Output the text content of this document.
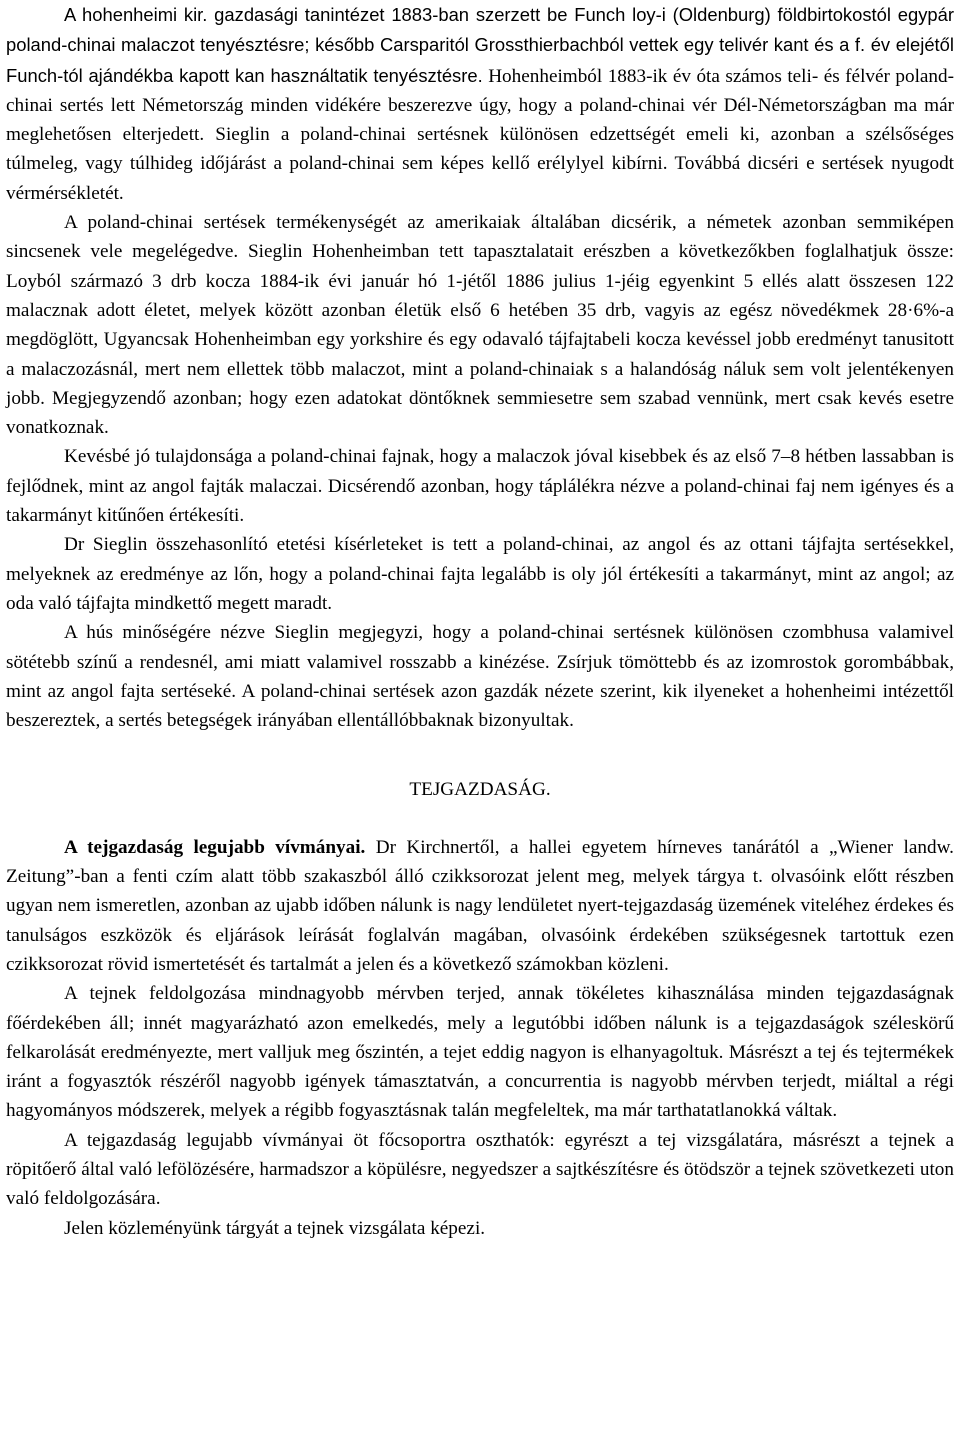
A hohenheimi kir. gazdasági tanintézet 1883-ban szerzett be Funch loy-i (Oldenburg) földbirtokostól egypár poland-chinai malaczot tenyésztésre; később Carsparitól Grossthierbachból vettek egy telivér kant és a f. év elejétől Funch-tól ajándékba kapott kan használtatik tenyésztésre. Hohenheimból 1883-ik év óta számos teli- és félvér poland-chinai sertés lett Németország minden vidékére beszerezve úgy, hogy a poland-chinai vér Dél-Németországban ma már meglehetősen elterjedett. Sieglin a poland-chinai sertésnek különösen edzettségét emeli ki, azonban a szélsőséges túlmeleg, vagy túlhideg időjárást a poland-chinai sem képes kellő erélylyel kibírni. Továbbá dicséri e sertések nyugodt vérmérsékletét.

A poland-chinai sertések termékenységét az amerikaiak általában dicsérik, a németek azonban semmiképen sincsenek vele megelégedve. Sieglin Hohenheimban tett tapasztalatait erészben a következőkben foglalhatjuk össze: Loyból származó 3 drb kocza 1884-ik évi január hó 1-jétől 1886 julius 1-jéig egyenkint 5 ellés alatt összesen 122 malacznak adott életet, melyek között azonban életük első 6 hetében 35 drb, vagyis az egész növedékmek 28·6%-a megdöglött, Ugyancsak Hohenheimban egy yorkshire és egy odavaló tájfajtabeli kocza kevéssel jobb eredményt tanusitott a malaczozásnál, mert nem ellettek több malaczot, mint a poland-chinaiak s a halandóság náluk sem volt jelentékenyen jobb. Megjegyzendő azonban; hogy ezen adatokat döntőknek semmiesetre sem szabad vennünk, mert csak kevés esetre vonatkoznak.

Kevésbé jó tulajdonsága a poland-chinai fajnak, hogy a malaczok jóval kisebbek és az első 7–8 hétben lassabban is fejlődnek, mint az angol fajták malaczai. Dicsérendő azonban, hogy táplálékra nézve a poland-chinai faj nem igényes és a takarmányt kitűnően értékesíti.

Dr Sieglin összehasonlító etetési kísérleteket is tett a poland-chinai, az angol és az ottani tájfajta sertésekkel, melyeknek az eredménye az lőn, hogy a poland-chinai fajta legalább is oly jól értékesíti a takarmányt, mint az angol; az oda való tájfajta mindkettő megett maradt.

A hús minőségére nézve Sieglin megjegyzi, hogy a poland-chinai sertésnek különösen czombhusa valamivel sötétebb színű a rendesnél, ami miatt valamivel rosszabb a kinézése. Zsírjuk tömöttebb és az izomrostok gorombábbak, mint az angol fajta sertéseké. A poland-chinai sertések azon gazdák nézete szerint, kik ilyeneket a hohenheimi intézettől beszereztek, a sertés betegségek irányában ellentállóbbaknak bizonyultak.

TEJGAZDASÁG.

A tejgazdaság legujabb vívmányai. Dr Kirchnertől, a hallei egyetem hírneves tanárától a „Wiener landw. Zeitung”-ban a fenti czím alatt több szakaszból álló czikksorozat jelent meg, melyek tárgya t. olvasóink előtt részben ugyan nem ismeretlen, azonban az ujabb időben nálunk is nagy lendületet nyert-tejgazdaság üzemének viteléhez érdekes és tanulságos eszközök és eljárások leírását foglalván magában, olvasóink érdekében szükségesnek tartottuk ezen czikksorozat rövid ismertetését és tartalmát a jelen és a következő számokban közleni.

A tejnek feldolgozása mindnagyobb mérvben terjed, annak tökéletes kihasználása minden tejgazdaságnak főérdekében áll; innét magyarázható azon emelkedés, mely a legutóbbi időben nálunk is a tejgazdaságok széleskörű felkarolását eredményezte, mert valljuk meg őszintén, a tejet eddig nagyon is elhanyagoltuk. Másrészt a tej és tejtermékek iránt a fogyasztók részéről nagyobb igények támasztatván, a concurrentia is nagyobb mérvben terjedt, miáltal a régi hagyományos módszerek, melyek a régibb fogyasztásnak talán megfeleltek, ma már tarthatatlanokká váltak.

A tejgazdaság legujabb vívmányai öt főcsoportra oszthatók: egyrészt a tej vizsgálatára, másrészt a tejnek a röpitőerő által való lefölözésére, harmadszor a köpülésre, negyedszer a sajtkészítésre és ötödször a tejnek szövetkezeti uton való feldolgozására.

Jelen közleményünk tárgyát a tejnek vizsgálata képezi.
